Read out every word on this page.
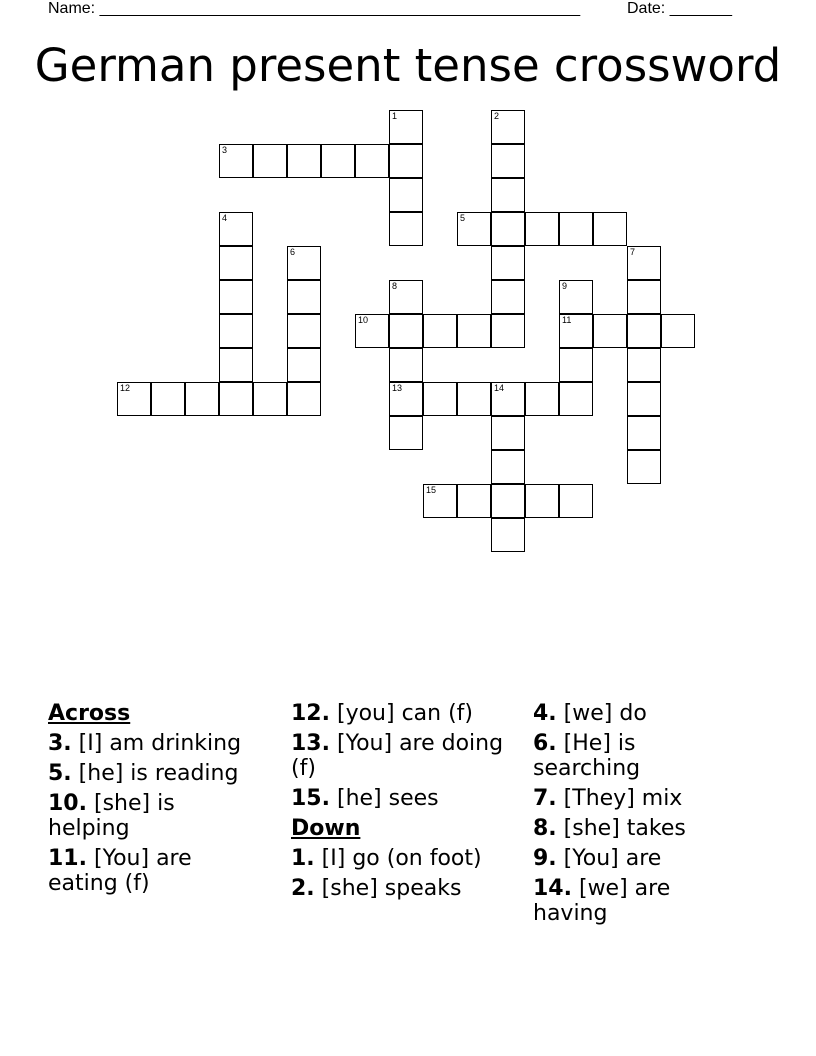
Name: ______________________________________________________	Date: _______
German present tense crossword
1	2
3
4	5
6	7
8	9
10	11
12	13	14
15
Across
3. [I] am drinking
5. [he] is reading
10. [she] is helping
11. [You] are eating (f)
12. [you] can (f)
13. [You] are doing (f)
15. [he] sees
Down
1. [I] go (on foot)
2. [she] speaks
4. [we] do
6. [He] is searching
7. [They] mix
8. [she] takes
9. [You] are
14. [we] are having
